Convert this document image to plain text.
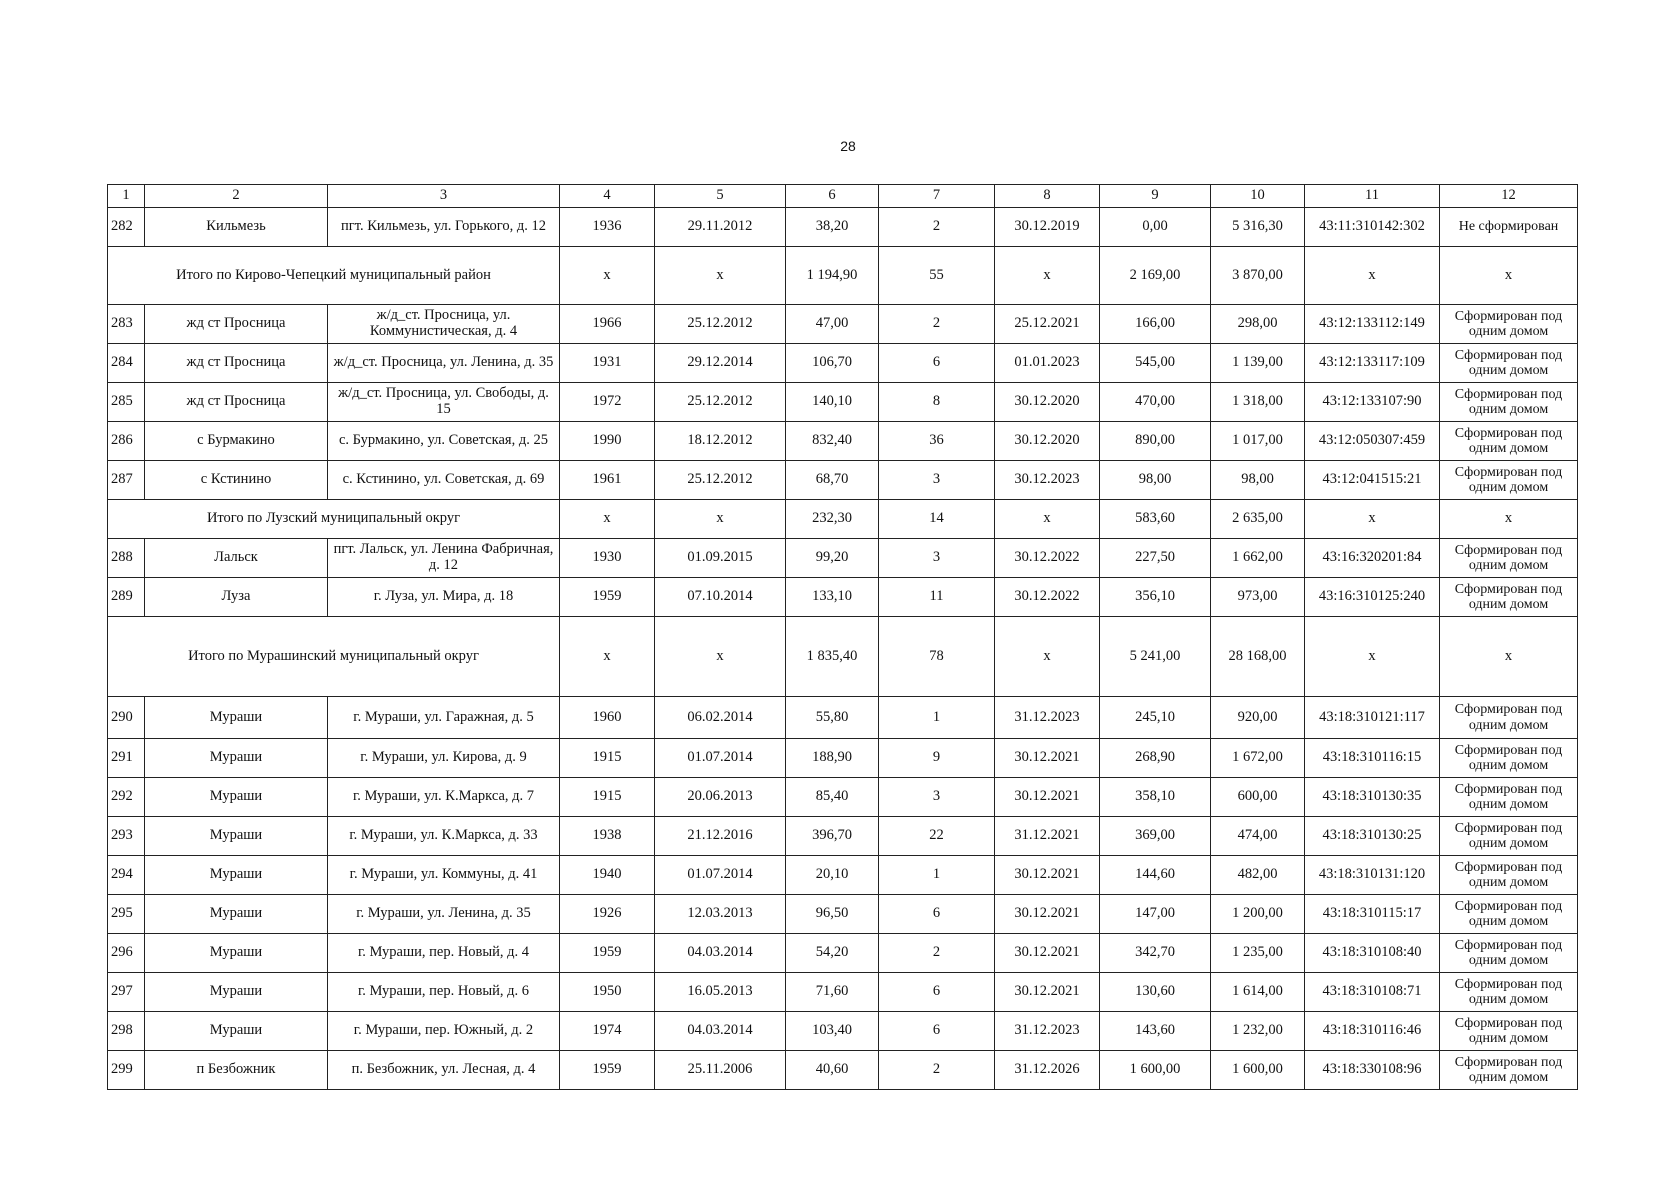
28
1	2	3	4	5	6	7	8	9	10	11	12
282	Кильмезь	пгт. Кильмезь, ул. Горького, д. 12	1936	29.11.2012	38,20	2	30.12.2019	0,00	5 316,30	43:11:310142:302	Не сформирован
Итого по Кирово-Чепецкий муниципальный район			x	x	1 194,90	55	x	2 169,00	3 870,00	x	x
283	жд ст Просница	ж/д_ст. Просница, ул. Коммунистическая, д. 4	1966	25.12.2012	47,00	2	25.12.2021	166,00	298,00	43:12:133112:149	Сформирован под одним домом
284	жд ст Просница	ж/д_ст. Просница, ул. Ленина, д. 35	1931	29.12.2014	106,70	6	01.01.2023	545,00	1 139,00	43:12:133117:109	Сформирован под одним домом
285	жд ст Просница	ж/д_ст. Просница, ул. Свободы, д. 15	1972	25.12.2012	140,10	8	30.12.2020	470,00	1 318,00	43:12:133107:90	Сформирован под одним домом
286	с Бурмакино	с. Бурмакино, ул. Советская, д. 25	1990	18.12.2012	832,40	36	30.12.2020	890,00	1 017,00	43:12:050307:459	Сформирован под одним домом
287	с Кстинино	с. Кстинино, ул. Советская, д. 69	1961	25.12.2012	68,70	3	30.12.2023	98,00	98,00	43:12:041515:21	Сформирован под одним домом
Итого по Лузский муниципальный округ			x	x	232,30	14	x	583,60	2 635,00	x	x
288	Лальск	пгт. Лальск, ул. Ленина Фабричная, д. 12	1930	01.09.2015	99,20	3	30.12.2022	227,50	1 662,00	43:16:320201:84	Сформирован под одним домом
289	Луза	г. Луза, ул. Мира, д. 18	1959	07.10.2014	133,10	11	30.12.2022	356,10	973,00	43:16:310125:240	Сформирован под одним домом
Итого по Мурашинский муниципальный округ			x	x	1 835,40	78	x	5 241,00	28 168,00	x	x
290	Мураши	г. Мураши, ул. Гаражная, д. 5	1960	06.02.2014	55,80	1	31.12.2023	245,10	920,00	43:18:310121:117	Сформирован под одним домом
291	Мураши	г. Мураши, ул. Кирова, д. 9	1915	01.07.2014	188,90	9	30.12.2021	268,90	1 672,00	43:18:310116:15	Сформирован под одним домом
292	Мураши	г. Мураши, ул. К.Маркса, д. 7	1915	20.06.2013	85,40	3	30.12.2021	358,10	600,00	43:18:310130:35	Сформирован под одним домом
293	Мураши	г. Мураши, ул. К.Маркса, д. 33	1938	21.12.2016	396,70	22	31.12.2021	369,00	474,00	43:18:310130:25	Сформирован под одним домом
294	Мураши	г. Мураши, ул. Коммуны, д. 41	1940	01.07.2014	20,10	1	30.12.2021	144,60	482,00	43:18:310131:120	Сформирован под одним домом
295	Мураши	г. Мураши, ул. Ленина, д. 35	1926	12.03.2013	96,50	6	30.12.2021	147,00	1 200,00	43:18:310115:17	Сформирован под одним домом
296	Мураши	г. Мураши, пер. Новый, д. 4	1959	04.03.2014	54,20	2	30.12.2021	342,70	1 235,00	43:18:310108:40	Сформирован под одним домом
297	Мураши	г. Мураши, пер. Новый, д. 6	1950	16.05.2013	71,60	6	30.12.2021	130,60	1 614,00	43:18:310108:71	Сформирован под одним домом
298	Мураши	г. Мураши, пер. Южный, д. 2	1974	04.03.2014	103,40	6	31.12.2023	143,60	1 232,00	43:18:310116:46	Сформирован под одним домом
299	п Безбожник	п. Безбожник, ул. Лесная, д. 4	1959	25.11.2006	40,60	2	31.12.2026	1 600,00	1 600,00	43:18:330108:96	Сформирован под одним домом
